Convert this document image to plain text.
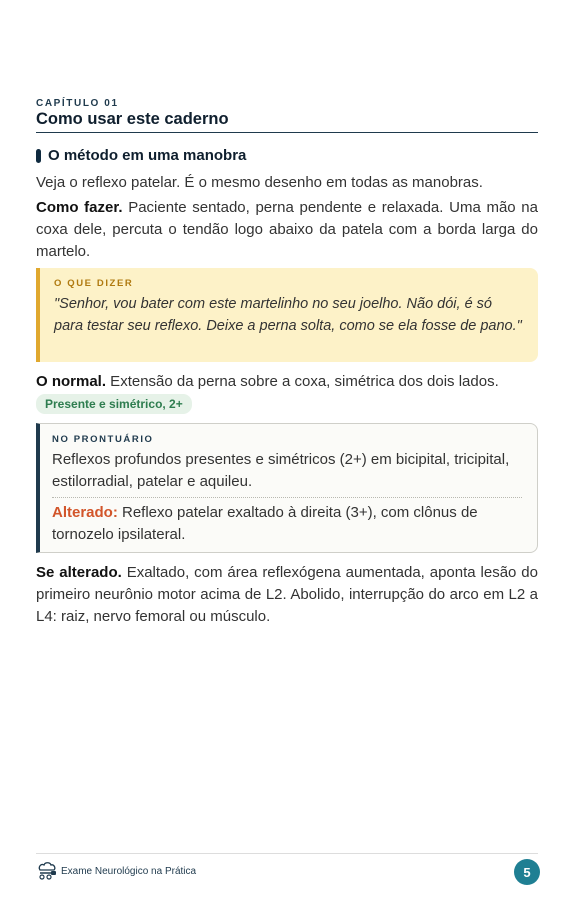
CAPÍTULO 01
Como usar este caderno
O método em uma manobra
Veja o reflexo patelar. É o mesmo desenho em todas as manobras.
Como fazer. Paciente sentado, perna pendente e relaxada. Uma mão na coxa dele, percuta o tendão logo abaixo da patela com a borda larga do martelo.
O QUE DIZER
"Senhor, vou bater com este martelinho no seu joelho. Não dói, é só para testar seu reflexo. Deixe a perna solta, como se ela fosse de pano."
O normal. Extensão da perna sobre a coxa, simétrica dos dois lados.
Presente e simétrico, 2+
NO PRONTUÁRIO
Reflexos profundos presentes e simétricos (2+) em bicipital, tricipital, estilorradial, patelar e aquileu.
Alterado: Reflexo patelar exaltado à direita (3+), com clônus de tornozelo ipsilateral.
Se alterado. Exaltado, com área reflexógena aumentada, aponta lesão do primeiro neurônio motor acima de L2. Abolido, interrupção do arco em L2 a L4: raiz, nervo femoral ou músculo.
Exame Neurológico na Prática	5
